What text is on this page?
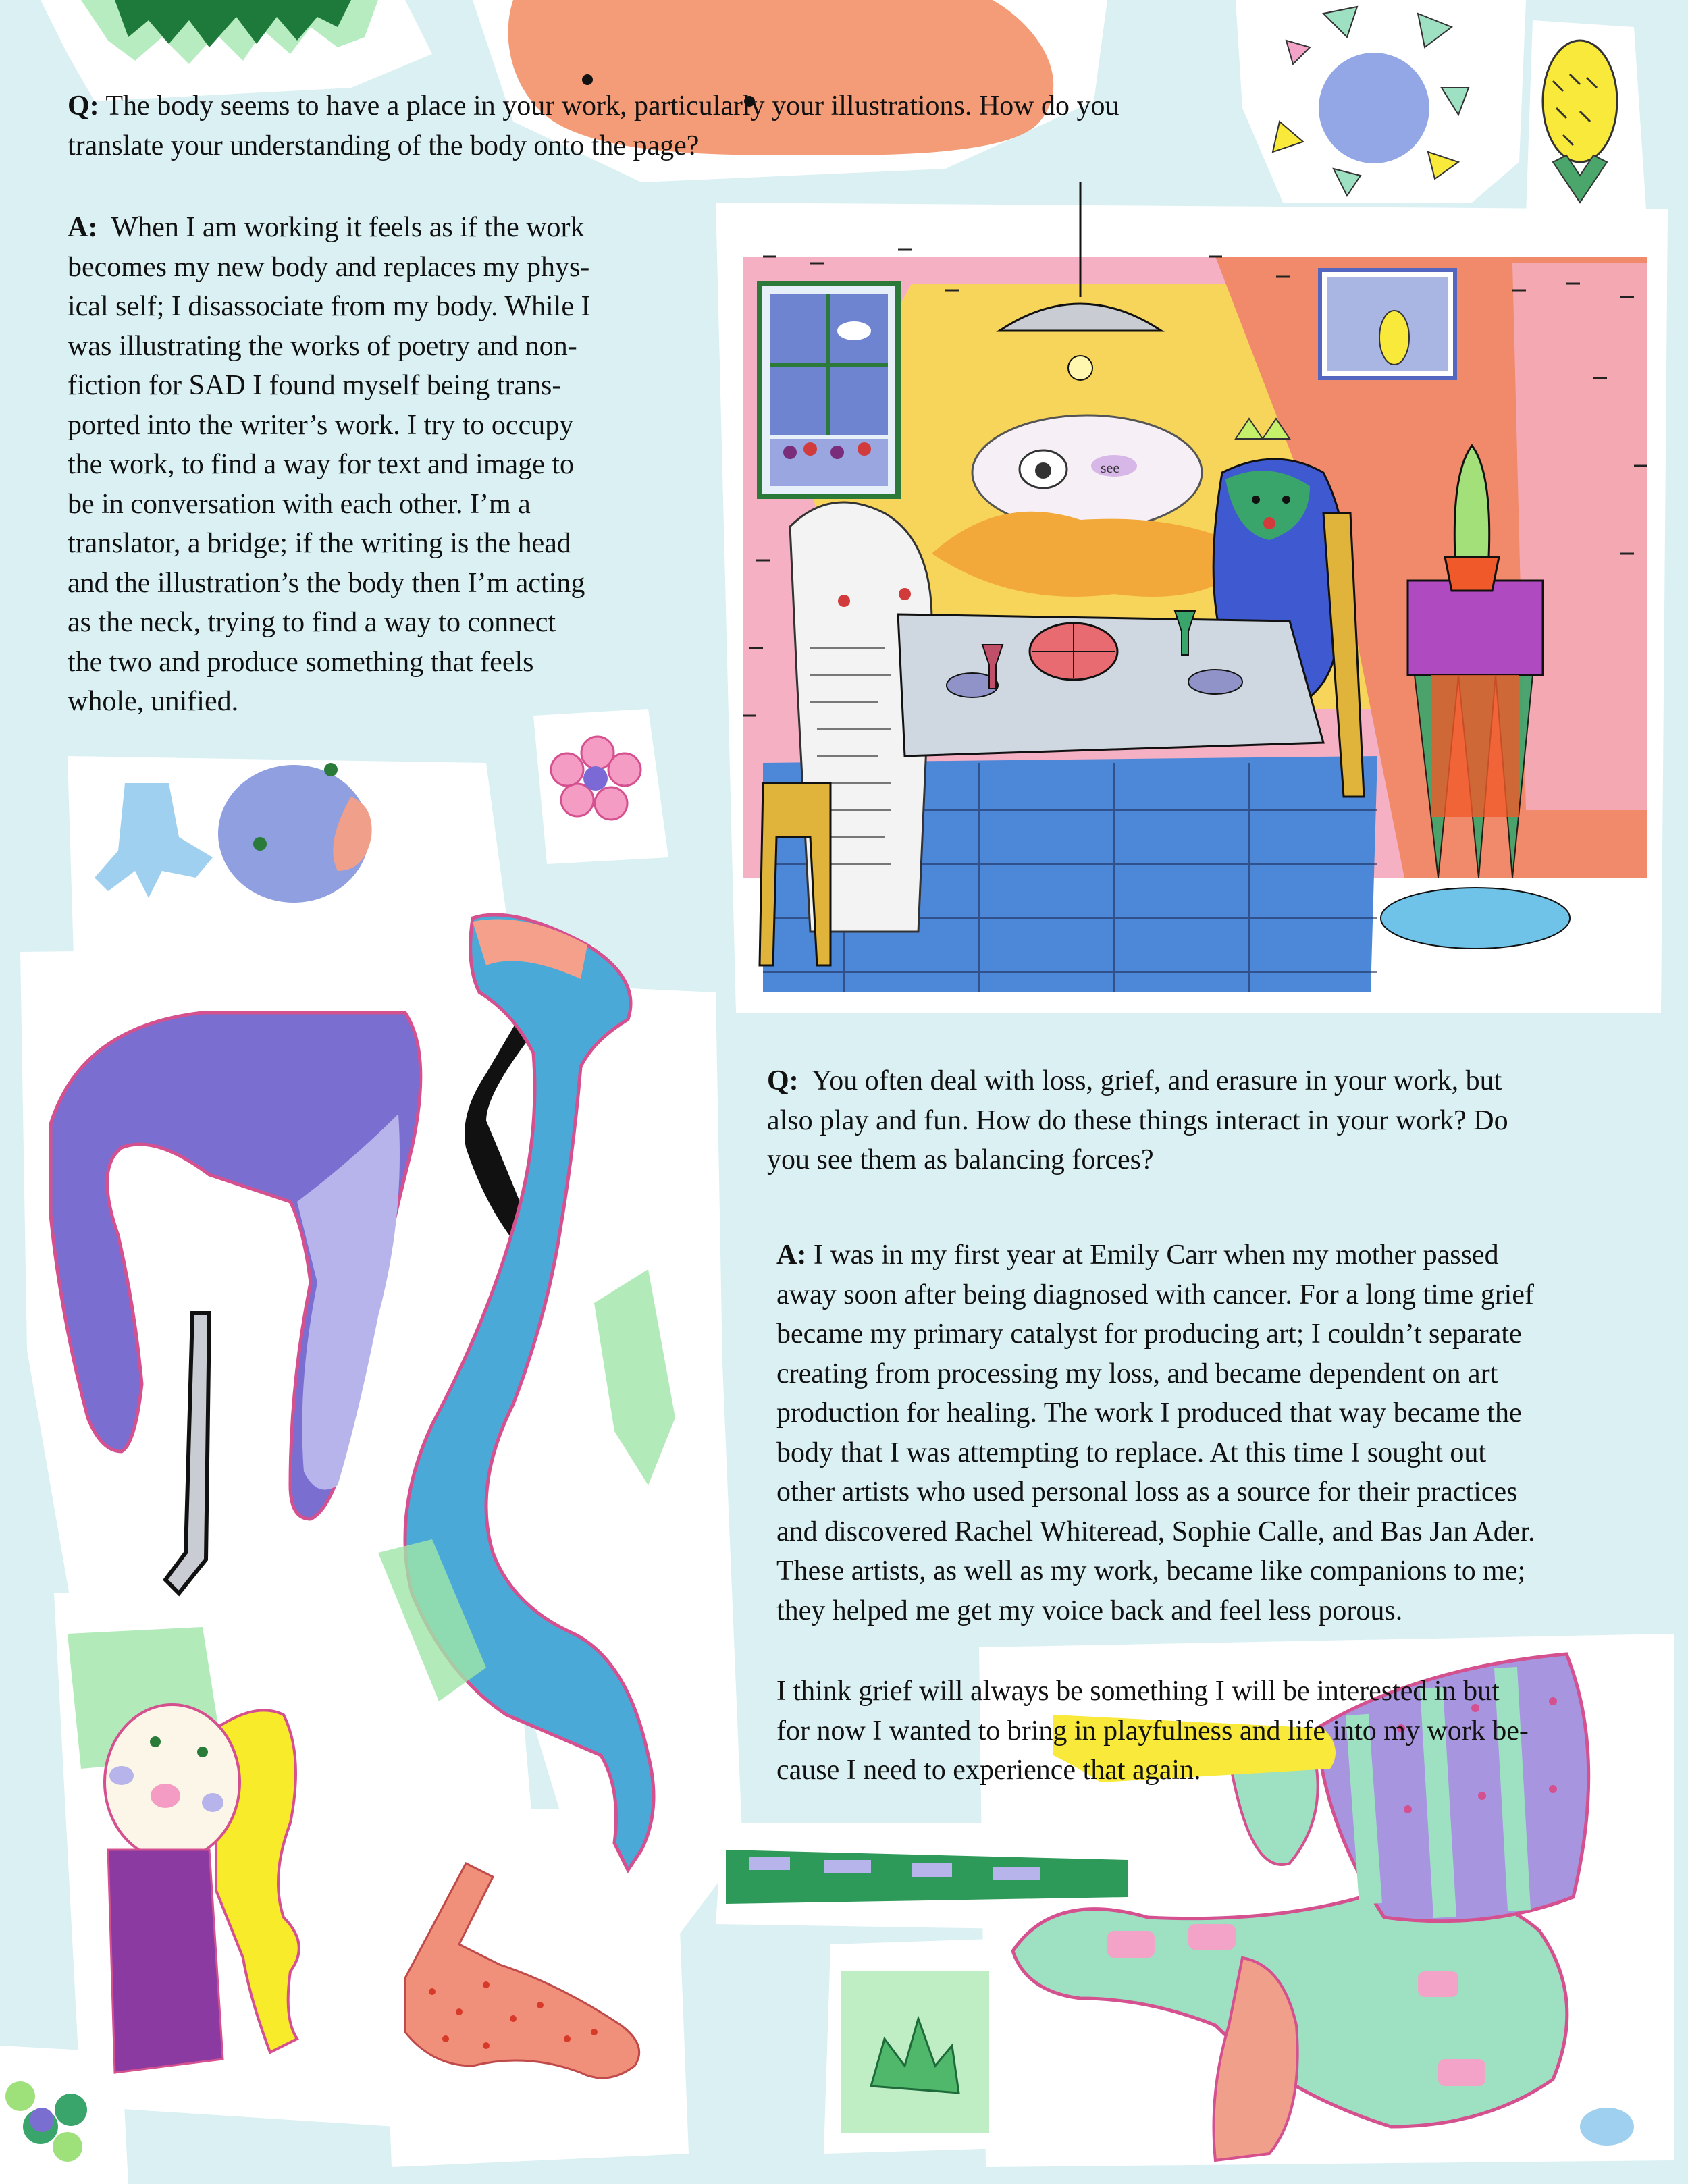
see
Q: The body seems to have a place in your work, particularly your illustrations. How do you
translate your understanding of the body onto the page?
A: When I am working it feels as if the work
becomes my new body and replaces my phys-
ical self; I disassociate from my body. While I
was illustrating the works of poetry and non-
fiction for SAD I found myself being trans-
ported into the writer’s work. I try to occupy
the work, to find a way for text and image to
be in conversation with each other. I’m a
translator, a bridge; if the writing is the head
and the illustration’s the body then I’m acting
as the neck, trying to find a way to connect
the two and produce something that feels
whole, unified.
Q: You often deal with loss, grief, and erasure in your work, but
also play and fun. How do these things interact in your work? Do
you see them as balancing forces?
A: I was in my first year at Emily Carr when my mother passed
away soon after being diagnosed with cancer. For a long time grief
became my primary catalyst for producing art; I couldn’t separate
creating from processing my loss, and became dependent on art
production for healing. The work I produced that way became the
body that I was attempting to replace. At this time I sought out
other artists who used personal loss as a source for their practices
and discovered Rachel Whiteread, Sophie Calle, and Bas Jan Ader.
These artists, as well as my work, became like companions to me;
they helped me get my voice back and feel less porous.
I think grief will always be something I will be interested in but
for now I wanted to bring in playfulness and life into my work be-
cause I need to experience that again.
